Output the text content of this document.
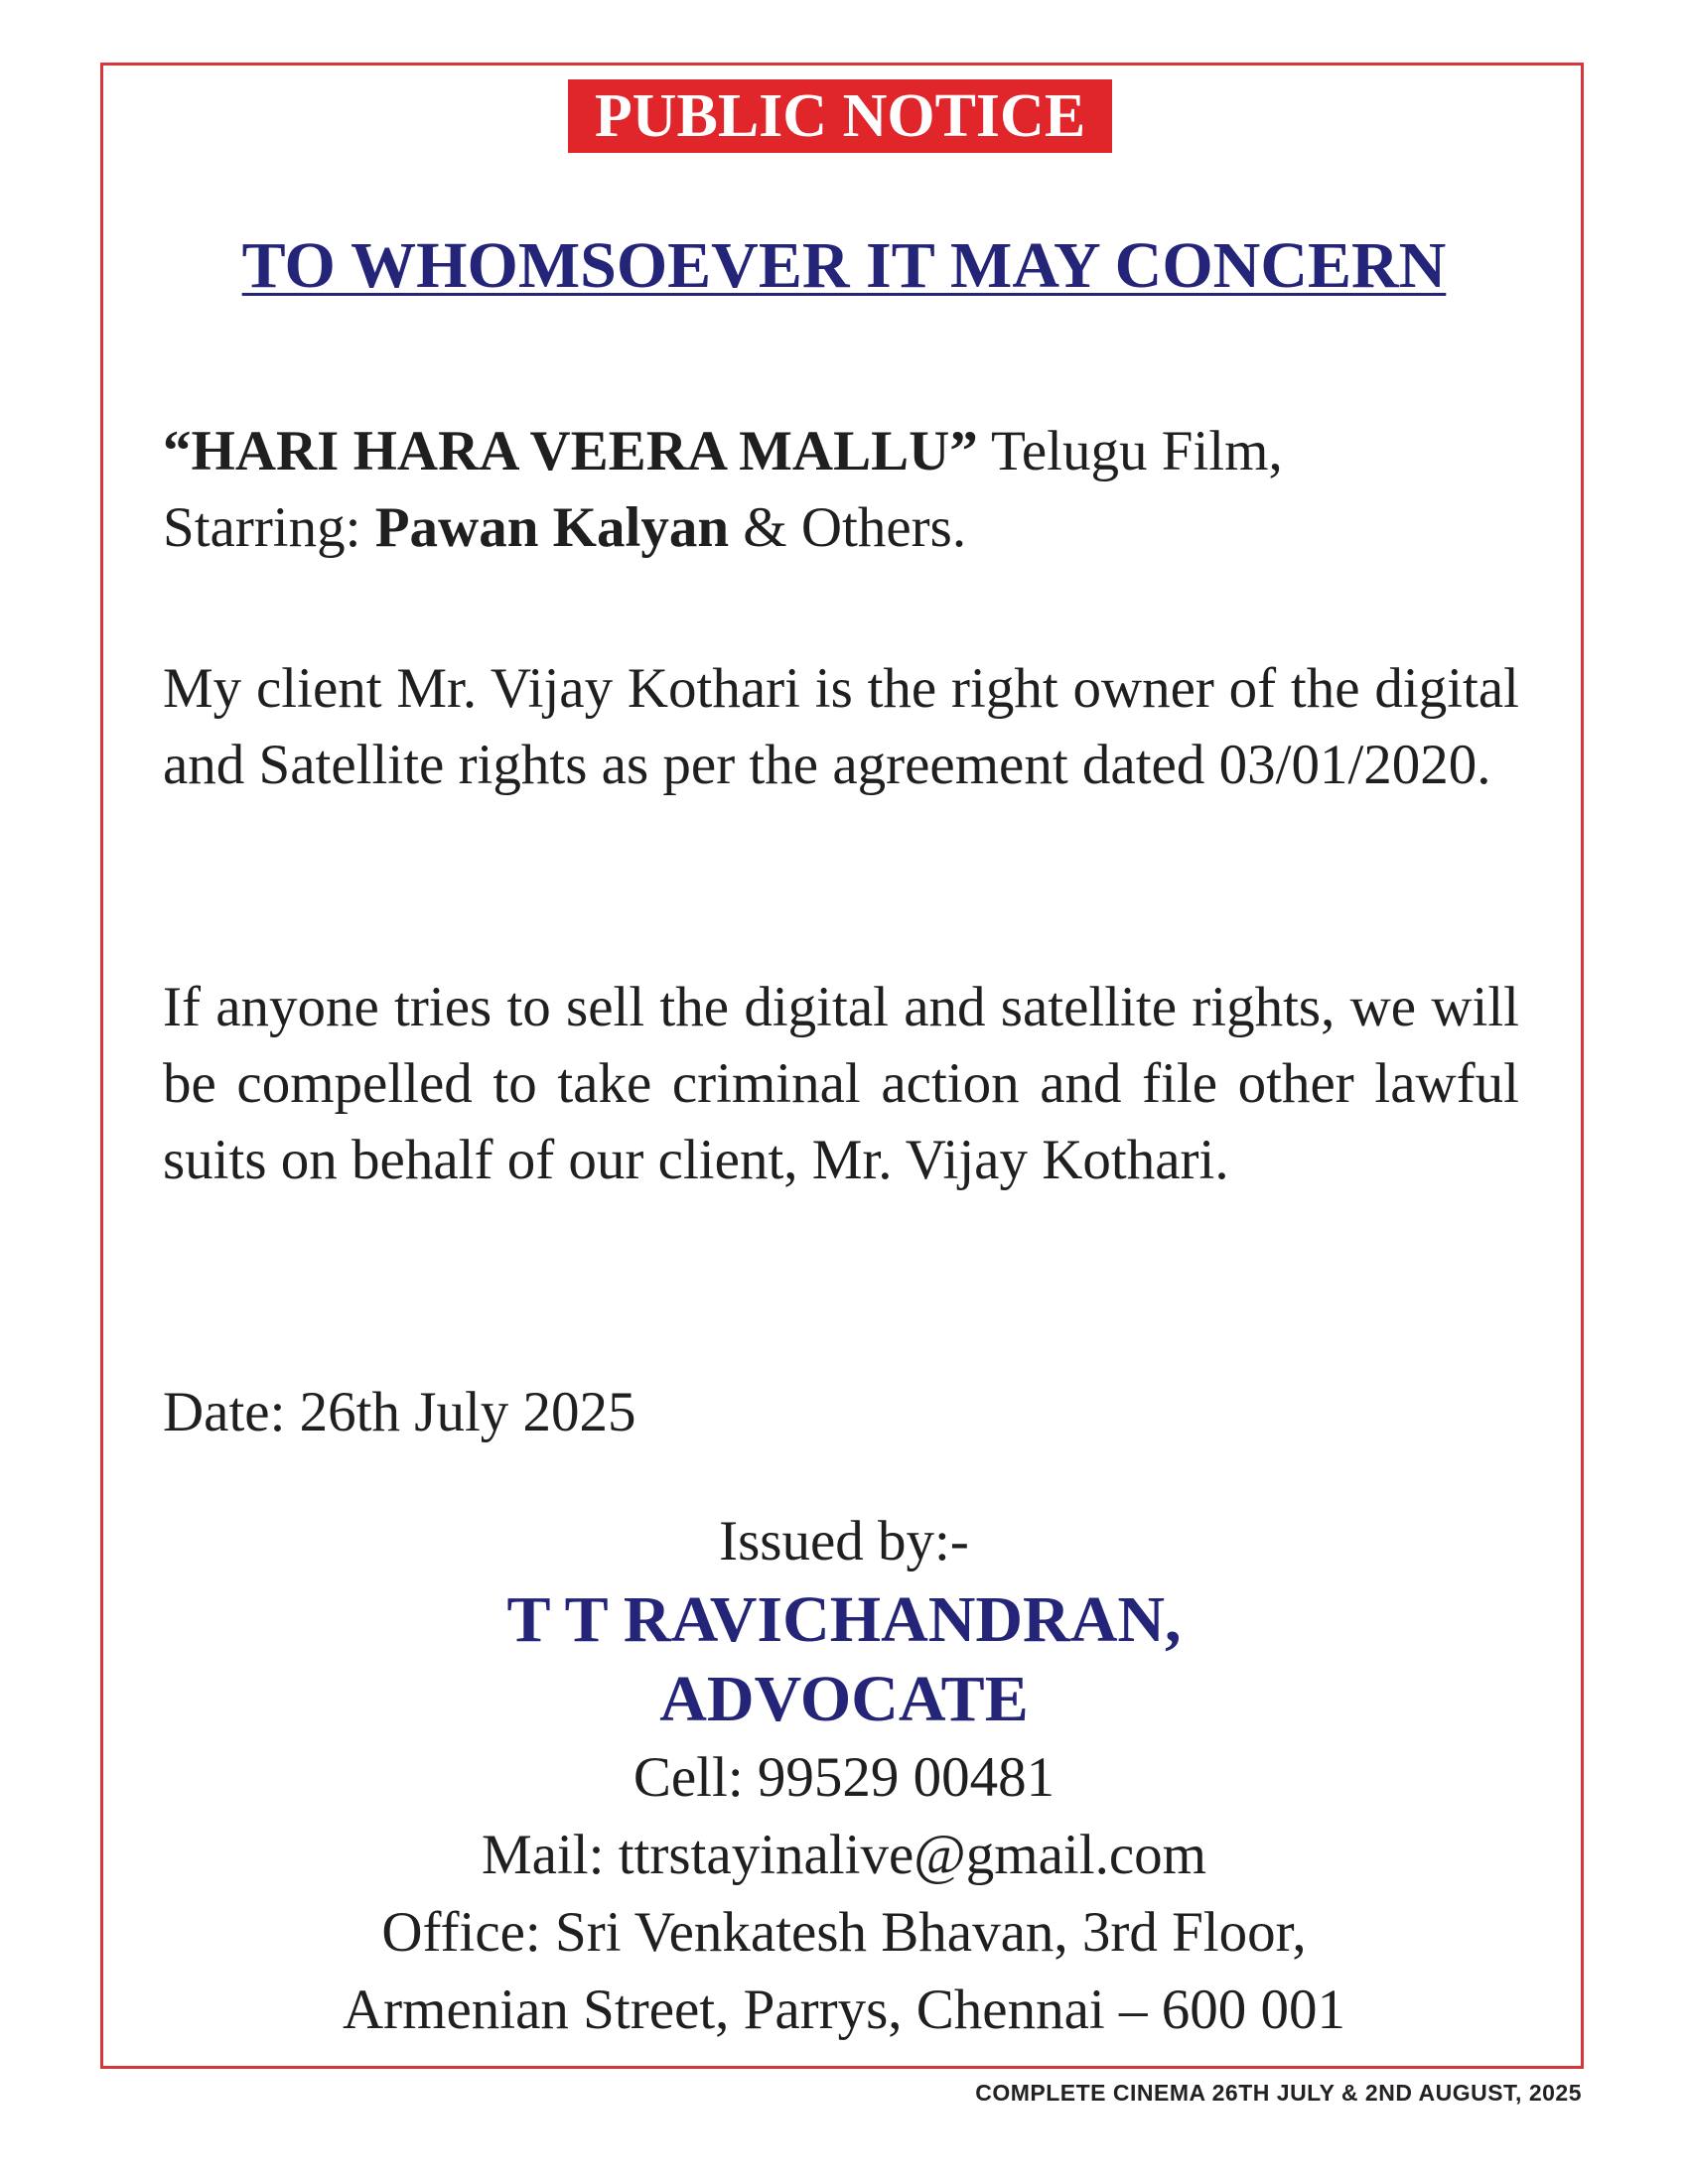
PUBLIC NOTICE
TO WHOMSOEVER IT MAY CONCERN
“HARI HARA VEERA MALLU” Telugu Film,
Starring: Pawan Kalyan & Others.
My client Mr. Vijay Kothari is the right owner of the digital and Satellite rights as per the agreement dated 03/01/2020.
If anyone tries to sell the digital and satellite rights, we will be compelled to take criminal action and file other lawful suits on behalf of our client, Mr. Vijay Kothari.
Date: 26th July 2025
Issued by:-
T T RAVICHANDRAN,
ADVOCATE
Cell: 99529 00481
Mail: ttrstayinalive@gmail.com
Office: Sri Venkatesh Bhavan, 3rd Floor,
Armenian Street, Parrys, Chennai – 600 001
COMPLETE CINEMA 26TH JULY & 2ND AUGUST, 2025
